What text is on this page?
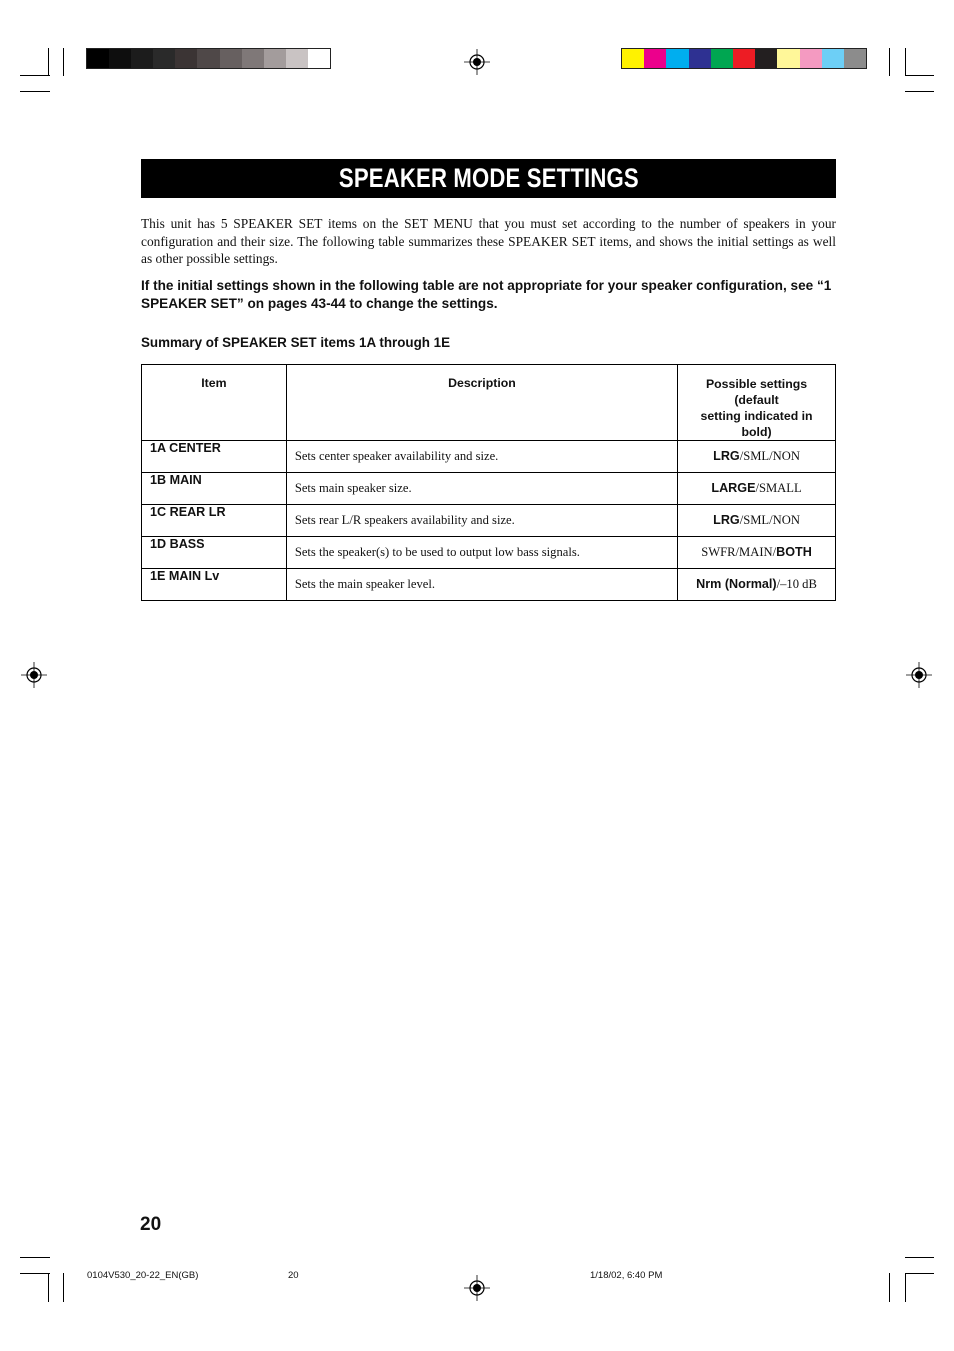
SPEAKER MODE SETTINGS

This unit has 5 SPEAKER SET items on the SET MENU that you must set according to the number of speakers in your configuration and their size. The following table summarizes these SPEAKER SET items, and shows the initial settings as well as other possible settings.

If the initial settings shown in the following table are not appropriate for your speaker configuration, see “1 SPEAKER SET” on pages 43-44 to change the settings.

Summary of SPEAKER SET items 1A through 1E
Item	Description	Possible settings (default
setting indicated in bold)
1A CENTER	Sets center speaker availability and size.	LRG/SML/NON
1B MAIN	Sets main speaker size.	LARGE/SMALL
1C REAR LR	Sets rear L/R speakers availability and size.	LRG/SML/NON
1D BASS	Sets the speaker(s) to be used to output low bass signals.	SWFR/MAIN/BOTH
1E MAIN Lv	Sets the main speaker level.	Nrm (Normal)/–10 dB
20
0104V530_20-22_EN(GB)	20	1/18/02, 6:40 PM
